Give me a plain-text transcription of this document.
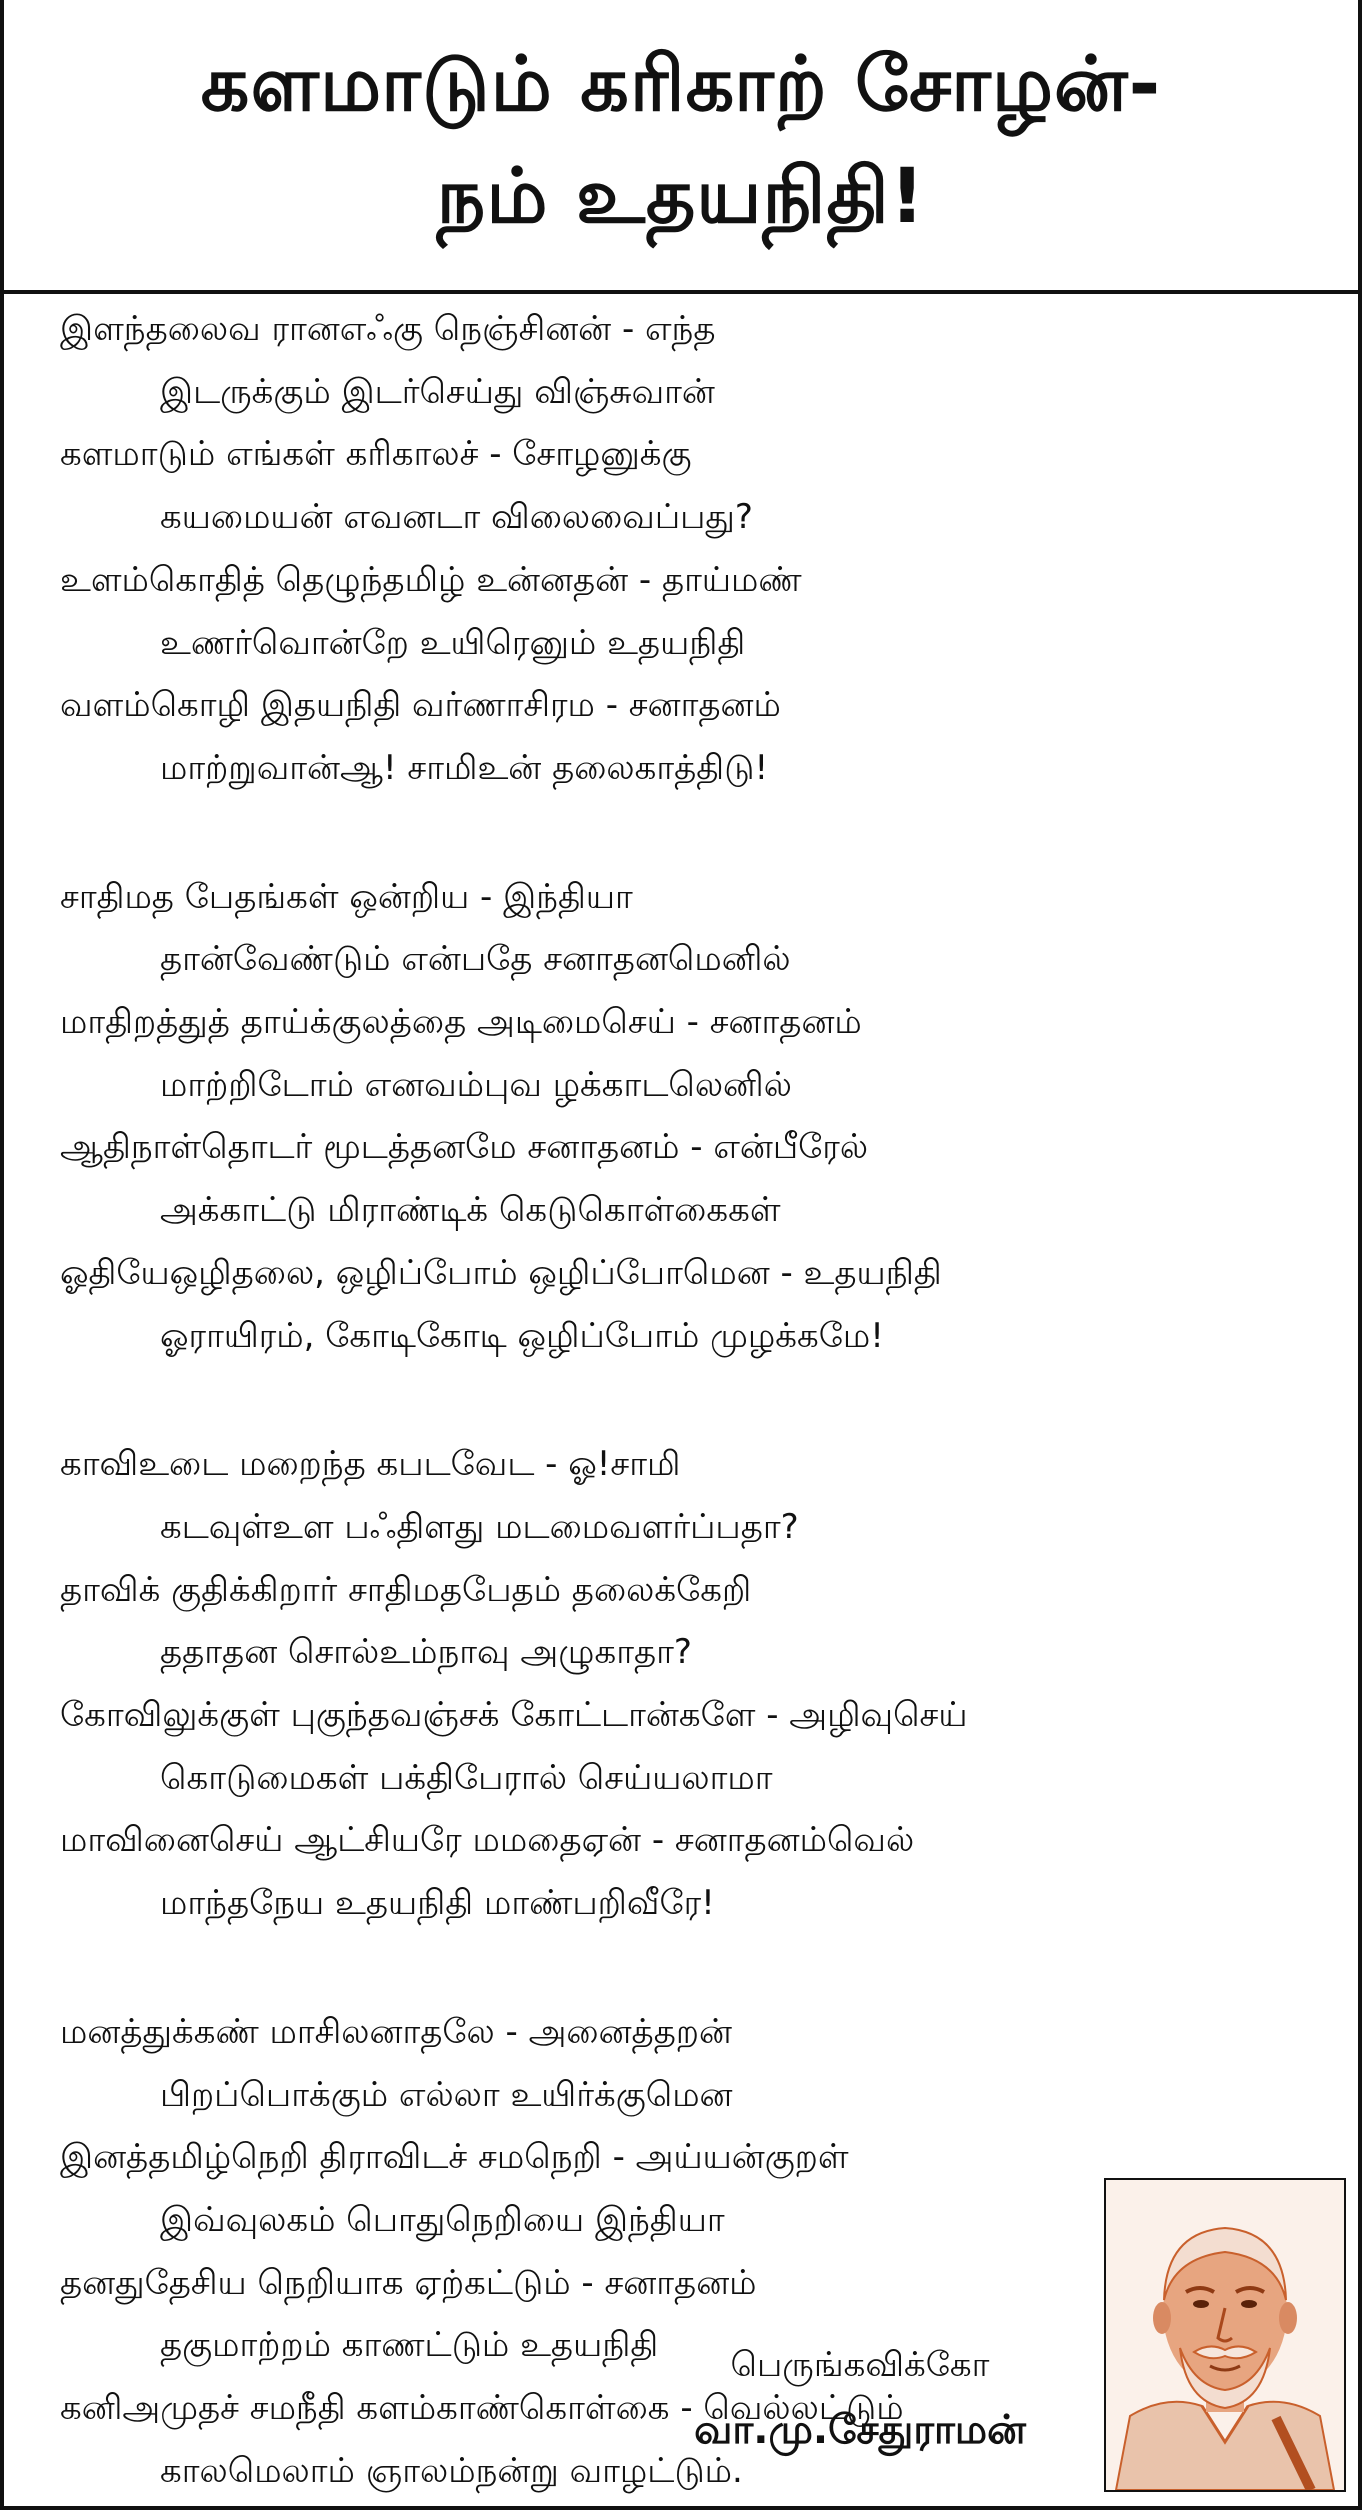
களமாடும் கரிகாற் சோழன்-
நம் உதயநிதி!
இளந்தலைவ ரானஎஃகு நெஞ்சினன் - எந்த
இடருக்கும் இடர்செய்து விஞ்சுவான்
களமாடும் எங்கள் கரிகாலச் - சோழனுக்கு
கயமையன் எவனடா விலைவைப்பது?
உளம்கொதித் தெழுந்தமிழ் உன்னதன் - தாய்மண்
உணர்வொன்றே உயிரெனும் உதயநிதி
வளம்கொழி இதயநிதி வர்ணாசிரம - சனாதனம்
மாற்றுவான்ஆ! சாமிஉன் தலைகாத்திடு!
சாதிமத பேதங்கள் ஒன்றிய - இந்தியா
தான்வேண்டும் என்பதே சனாதனமெனில்
மாதிறத்துத் தாய்க்குலத்தை அடிமைசெய் - சனாதனம்
மாற்றிடோம் எனவம்புவ ழக்காடலெனில்
ஆதிநாள்தொடர் மூடத்தனமே சனாதனம் - என்பீரேல்
அக்காட்டு மிராண்டிக் கெடுகொள்கைகள்
ஓதியேஒழிதலை, ஒழிப்போம் ஒழிப்போமென - உதயநிதி
ஓராயிரம், கோடிகோடி ஒழிப்போம் முழக்கமே!
காவிஉடை மறைந்த கபடவேட - ஓ!சாமி
கடவுள்உள பஃதிளது மடமைவளர்ப்பதா?
தாவிக் குதிக்கிறார் சாதிமதபேதம் தலைக்கேறி
ததாதன சொல்உம்நாவு அழுகாதா?
கோவிலுக்குள் புகுந்தவஞ்சக் கோட்டான்களே - அழிவுசெய்
கொடுமைகள் பக்திபேரால் செய்யலாமா
மாவினைசெய் ஆட்சியரே மமதைஏன் - சனாதனம்வெல்
மாந்தநேய உதயநிதி மாண்பறிவீரே!
மனத்துக்கண் மாசிலனாதலே - அனைத்தறன்
பிறப்பொக்கும் எல்லா உயிர்க்குமென
இனத்தமிழ்நெறி திராவிடச் சமநெறி - அய்யன்குறள்
இவ்வுலகம் பொதுநெறியை இந்தியா
தனதுதேசிய நெறியாக ஏற்கட்டும் - சனாதனம்
தகுமாற்றம் காணட்டும் உதயநிதி
கனிஅமுதச் சமநீதி களம்காண்கொள்கை - வெல்லட்டும்
காலமெலாம் ஞாலம்நன்று வாழட்டும்.
பெருங்கவிக்கோ
வா.மு.சேதுராமன்
